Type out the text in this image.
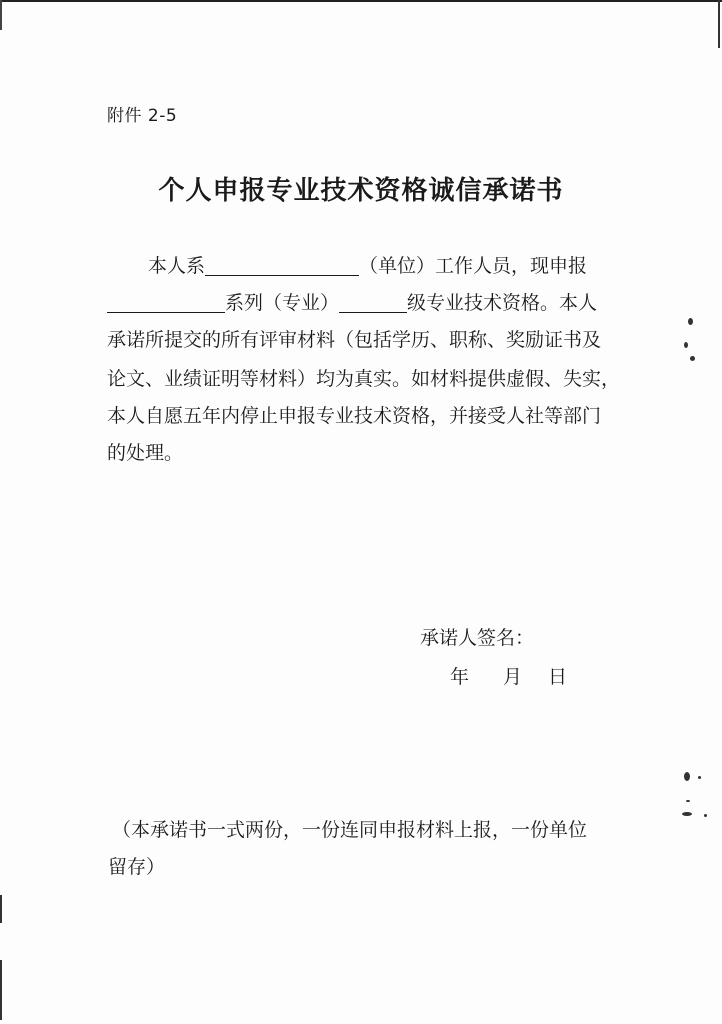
附件 2-5
个人申报专业技术资格诚信承诺书
本人系	（单位）工作人员，现申报
系列（专业）	级专业技术资格。本人
承诺所提交的所有评审材料（包括学历、职称、奖励证书及
论文、业绩证明等材料）均为真实。如材料提供虚假、失实，
本人自愿五年内停止申报专业技术资格，并接受人社等部门
的处理。
承诺人签名：
年 月 日
（本承诺书一式两份，一份连同申报材料上报，一份单位
留存）
